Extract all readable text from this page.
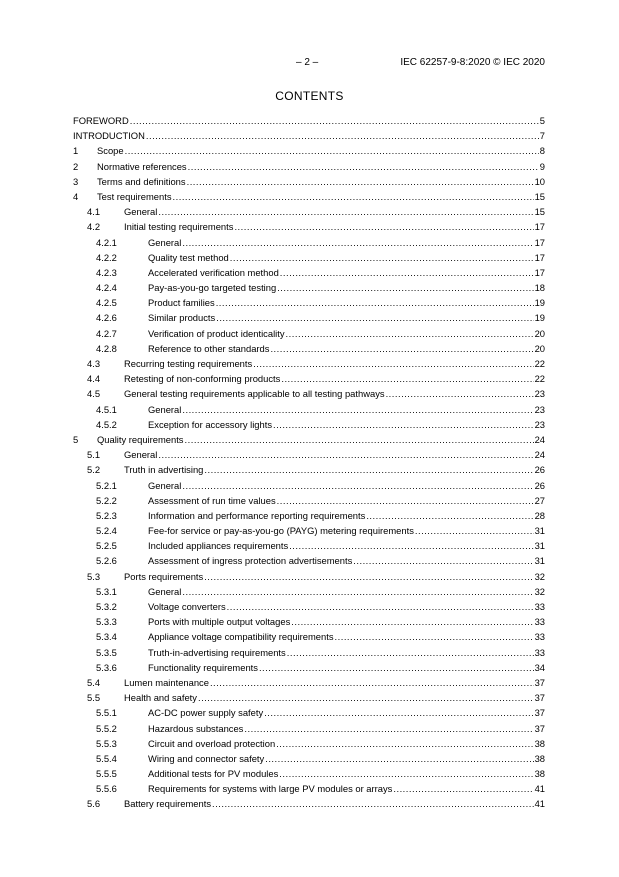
– 2 –	IEC 62257-9-8:2020 © IEC 2020
CONTENTS
FOREWORD .....	5
INTRODUCTION .....	7
1	Scope .....	8
2	Normative references .....	9
3	Terms and definitions .....	10
4	Test requirements .....	15
4.1	General .....	15
4.2	Initial testing requirements .....	17
4.2.1	General .....	17
4.2.2	Quality test method .....	17
4.2.3	Accelerated verification method .....	17
4.2.4	Pay-as-you-go targeted testing .....	18
4.2.5	Product families .....	19
4.2.6	Similar products .....	19
4.2.7	Verification of product identicality .....	20
4.2.8	Reference to other standards .....	20
4.3	Recurring testing requirements .....	22
4.4	Retesting of non-conforming products .....	22
4.5	General testing requirements applicable to all testing pathways .....	23
4.5.1	General .....	23
4.5.2	Exception for accessory lights .....	23
5	Quality requirements .....	24
5.1	General .....	24
5.2	Truth in advertising .....	26
5.2.1	General .....	26
5.2.2	Assessment of run time values .....	27
5.2.3	Information and performance reporting requirements .....	28
5.2.4	Fee-for service or pay-as-you-go (PAYG) metering requirements .....	31
5.2.5	Included appliances requirements .....	31
5.2.6	Assessment of ingress protection advertisements .....	31
5.3	Ports requirements .....	32
5.3.1	General .....	32
5.3.2	Voltage converters .....	33
5.3.3	Ports with multiple output voltages .....	33
5.3.4	Appliance voltage compatibility requirements .....	33
5.3.5	Truth-in-advertising requirements .....	33
5.3.6	Functionality requirements .....	34
5.4	Lumen maintenance .....	37
5.5	Health and safety .....	37
5.5.1	AC-DC power supply safety .....	37
5.5.2	Hazardous substances .....	37
5.5.3	Circuit and overload protection .....	38
5.5.4	Wiring and connector safety .....	38
5.5.5	Additional tests for PV modules .....	38
5.5.6	Requirements for systems with large PV modules or arrays .....	41
5.6	Battery requirements .....	41
